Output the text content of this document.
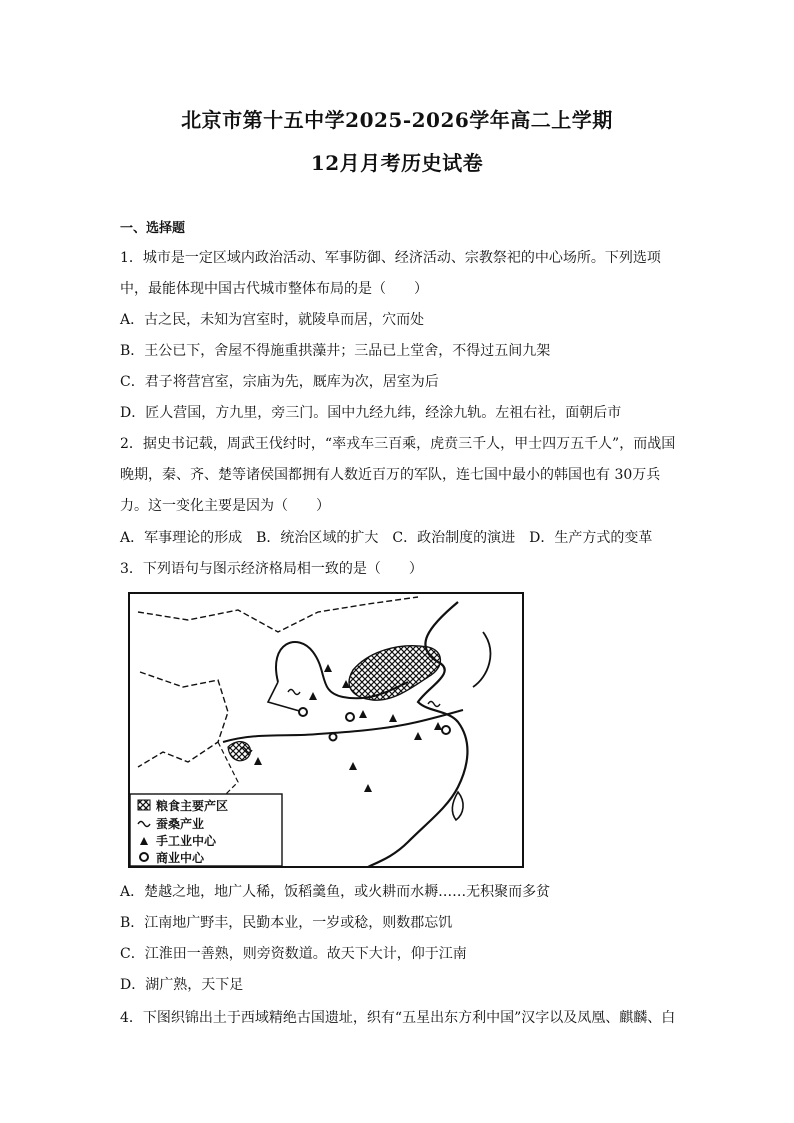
北京市第十五中学2025-2026学年高二上学期
12月月考历史试卷
一、选择题
1．城市是一定区域内政治活动、军事防御、经济活动、宗教祭祀的中心场所。下列选项
中，最能体现中国古代城市整体布局的是（　　）
A．古之民，未知为宫室时，就陵阜而居，穴而处
B．王公已下，舍屋不得施重拱藻井；三品已上堂舍，不得过五间九架
C．君子将营宫室，宗庙为先，厩库为次，居室为后
D．匠人营国，方九里，旁三门。国中九经九纬，经涂九轨。左祖右社，面朝后市
2．据史书记载，周武王伐纣时，“率戎车三百乘，虎贲三千人，甲士四万五千人”，而战国
晚期，秦、齐、楚等诸侯国都拥有人数近百万的军队，连七国中最小的韩国也有 30万兵
力。这一变化主要是因为（　　）
A．军事理论的形成　B．统治区域的扩大　C．政治制度的演进　D．生产方式的变革
3．下列语句与图示经济格局相一致的是（　　）
粮食主要产区
蚕桑产业
手工业中心
商业中心
A．楚越之地，地广人稀，饭稻羹鱼，或火耕而水耨……无积聚而多贫
B．江南地广野丰，民勤本业，一岁或稔，则数郡忘饥
C．江淮田一善熟，则旁资数道。故天下大计，仰于江南
D．湖广熟，天下足
4．下图织锦出土于西域精绝古国遗址，织有“五星出东方利中国”汉字以及凤凰、麒麟、白
